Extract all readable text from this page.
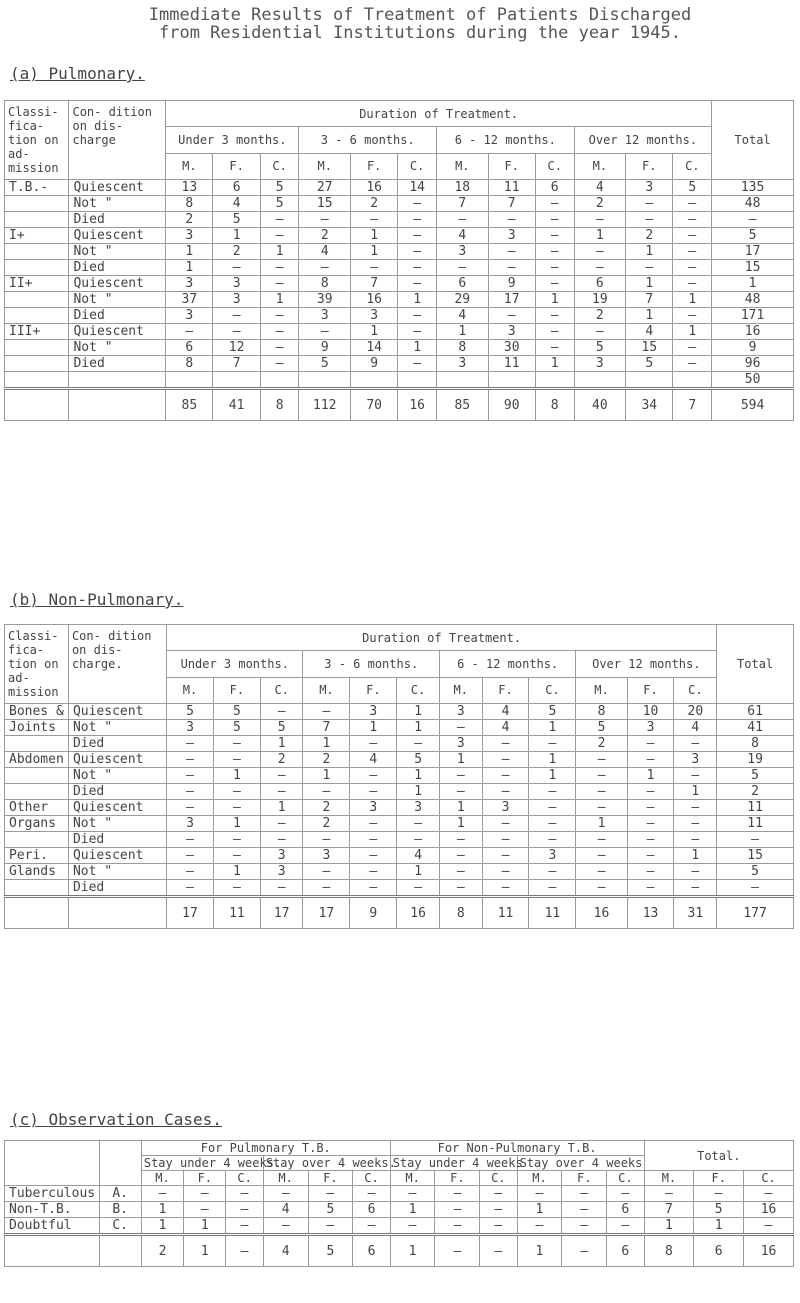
Immediate Results of Treatment of Patients Discharged
from Residential Institutions during the year 1945.
(a) Pulmonary.
Classi- fica- tion on ad- mission	Con- dition on dis- charge	Duration of Treatment.												Total
		Under 3 months.			3 - 6 months.			6 - 12 months.			Over 12 months.			
		M.	F.	C.	M.	F.	C.	M.	F.	C.	M.	F.	C.	
T.B.-	Quiescent	13	6	5	27	16	14	18	11	6	4	3	5	135
	Not "	8	4	5	15	2	–	7	7	–	2	–	–	48
	Died	2	5	–	–	–	–	–	–	–	–	–	–	–
I+	Quiescent	3	1	–	2	1	–	4	3	–	1	2	–	5
	Not "	1	2	1	4	1	–	3	–	–	–	1	–	17
	Died	1	–	–	–	–	–	–	–	–	–	–	–	15
II+	Quiescent	3	3	–	8	7	–	6	9	–	6	1	–	1
	Not "	37	3	1	39	16	1	29	17	1	19	7	1	48
	Died	3	–	–	3	3	–	4	–	–	2	1	–	171
III+	Quiescent	–	–	–	–	1	–	1	3	–	–	4	1	16
	Not "	6	12	–	9	14	1	8	30	–	5	15	–	9
	Died	8	7	–	5	9	–	3	11	1	3	5	–	96
														50
		85	41	8	112	70	16	85	90	8	40	34	7	594
(b) Non-Pulmonary.
Classi- fica- tion on ad- mission	Con- dition on dis- charge.	Duration of Treatment.												Total
		Under 3 months.			3 - 6 months.			6 - 12 months.			Over 12 months.			
		M.	F.	C.	M.	F.	C.	M.	F.	C.	M.	F.	C.	
Bones &	Quiescent	5	5	–	–	3	1	3	4	5	8	10	20	61
Joints	Not "	3	5	5	7	1	1	–	4	1	5	3	4	41
	Died	–	–	1	1	–	–	3	–	–	2	–	–	8
Abdomen	Quiescent	–	–	2	2	4	5	1	–	1	–	–	3	19
	Not "	–	1	–	1	–	1	–	–	1	–	1	–	5
	Died	–	–	–	–	–	1	–	–	–	–	–	1	2
Other	Quiescent	–	–	1	2	3	3	1	3	–	–	–	–	11
Organs	Not "	3	1	–	2	–	–	1	–	–	1	–	–	11
	Died	–	–	–	–	–	–	–	–	–	–	–	–	–
Peri.	Quiescent	–	–	3	3	–	4	–	–	3	–	–	1	15
Glands	Not "	–	1	3	–	–	1	–	–	–	–	–	–	5
	Died	–	–	–	–	–	–	–	–	–	–	–	–	–
		17	11	17	17	9	16	8	11	11	16	13	31	177
(c) Observation Cases.
		For Pulmonary T.B.						For Non-Pulmonary T.B.						Total.		
		Stay under 4 weeks.			Stay over 4 weeks.			Stay under 4 weeks			Stay over 4 weeks					
		M.	F.	C.	M.	F.	C.	M.	F.	C.	M.	F.	C.	M.	F.	C.
Tuberculous	A.	–	–	–	–	–	–	–	–	–	–	–	–	–	–	–
Non-T.B.	B.	1	–	–	4	5	6	1	–	–	1	–	6	7	5	16
Doubtful	C.	1	1	–	–	–	–	–	–	–	–	–	–	1	1	–
		2	1	–	4	5	6	1	–	–	1	–	6	8	6	16
